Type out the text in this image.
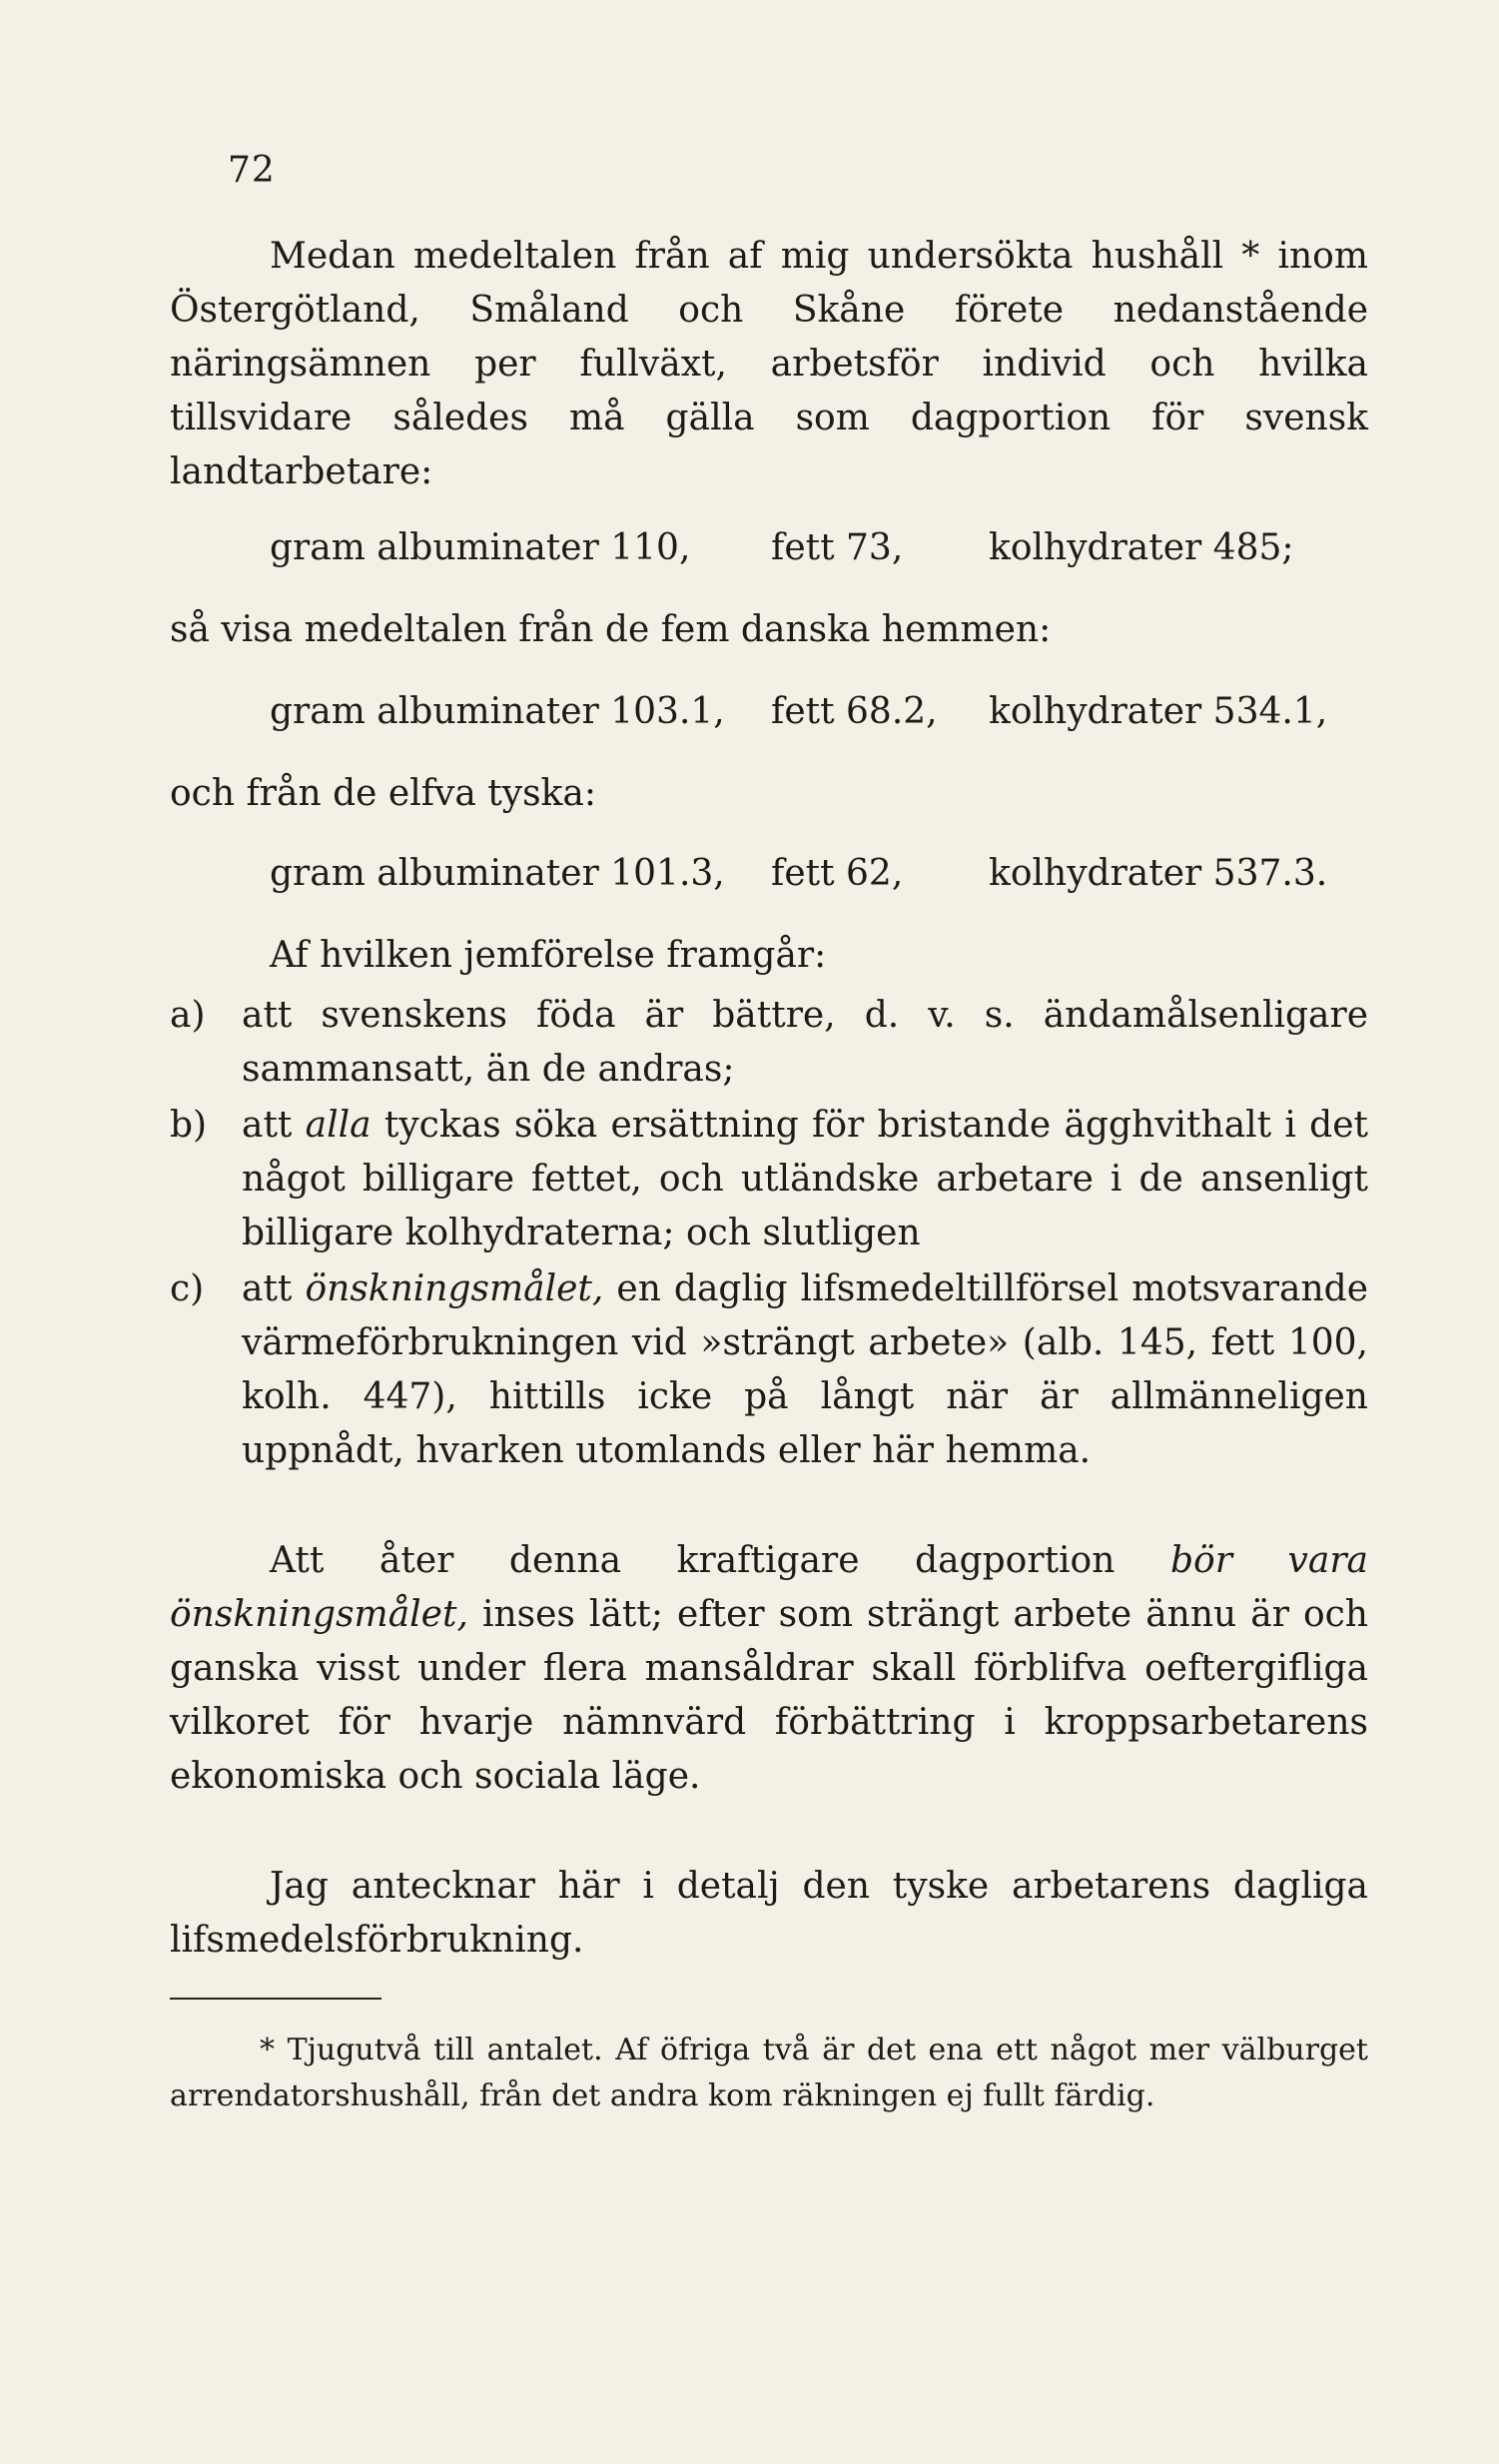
72

Medan medeltalen från af mig undersökta hushåll * inom Östergötland, Småland och Skåne förete nedanstående näringsämnen per fullväxt, arbetsför individ och hvilka tillsvidare således må gälla som dagportion för svensk landtarbetare:

gram albuminater 110, fett 73, kolhydrater 485;
så visa medeltalen från de fem danska hemmen:
gram albuminater 103.1, fett 68.2, kolhydrater 534.1,
och från de elfva tyska:
gram albuminater 101.3, fett 62, kolhydrater 537.3.
Af hvilken jemförelse framgår:

a) att svenskens föda är bättre, d. v. s. ändamålsenligare sammansatt, än de andras;

b) att alla tyckas söka ersättning för bristande ägghvithalt i det något billigare fettet, och utländske arbetare i de ansenligt billigare kolhydraterna; och slutligen

c) att önskningsmålet, en daglig lifsmedeltillförsel motsvarande värmeförbrukningen vid »strängt arbete» (alb. 145, fett 100, kolh. 447), hittills icke på långt när är allmänneligen uppnådt, hvarken utomlands eller här hemma.

Att åter denna kraftigare dagportion bör vara önskningsmålet, inses lätt; efter som strängt arbete ännu är och ganska visst under flera mansåldrar skall förblifva oeftergifliga vilkoret för hvarje nämnvärd förbättring i kroppsarbetarens ekonomiska och sociala läge.

Jag antecknar här i detalj den tyske arbetarens dagliga lifsmedelsförbrukning.

* Tjugutvå till antalet. Af öfriga två är det ena ett något mer välburget arrendatorshushåll, från det andra kom räkningen ej fullt färdig.
